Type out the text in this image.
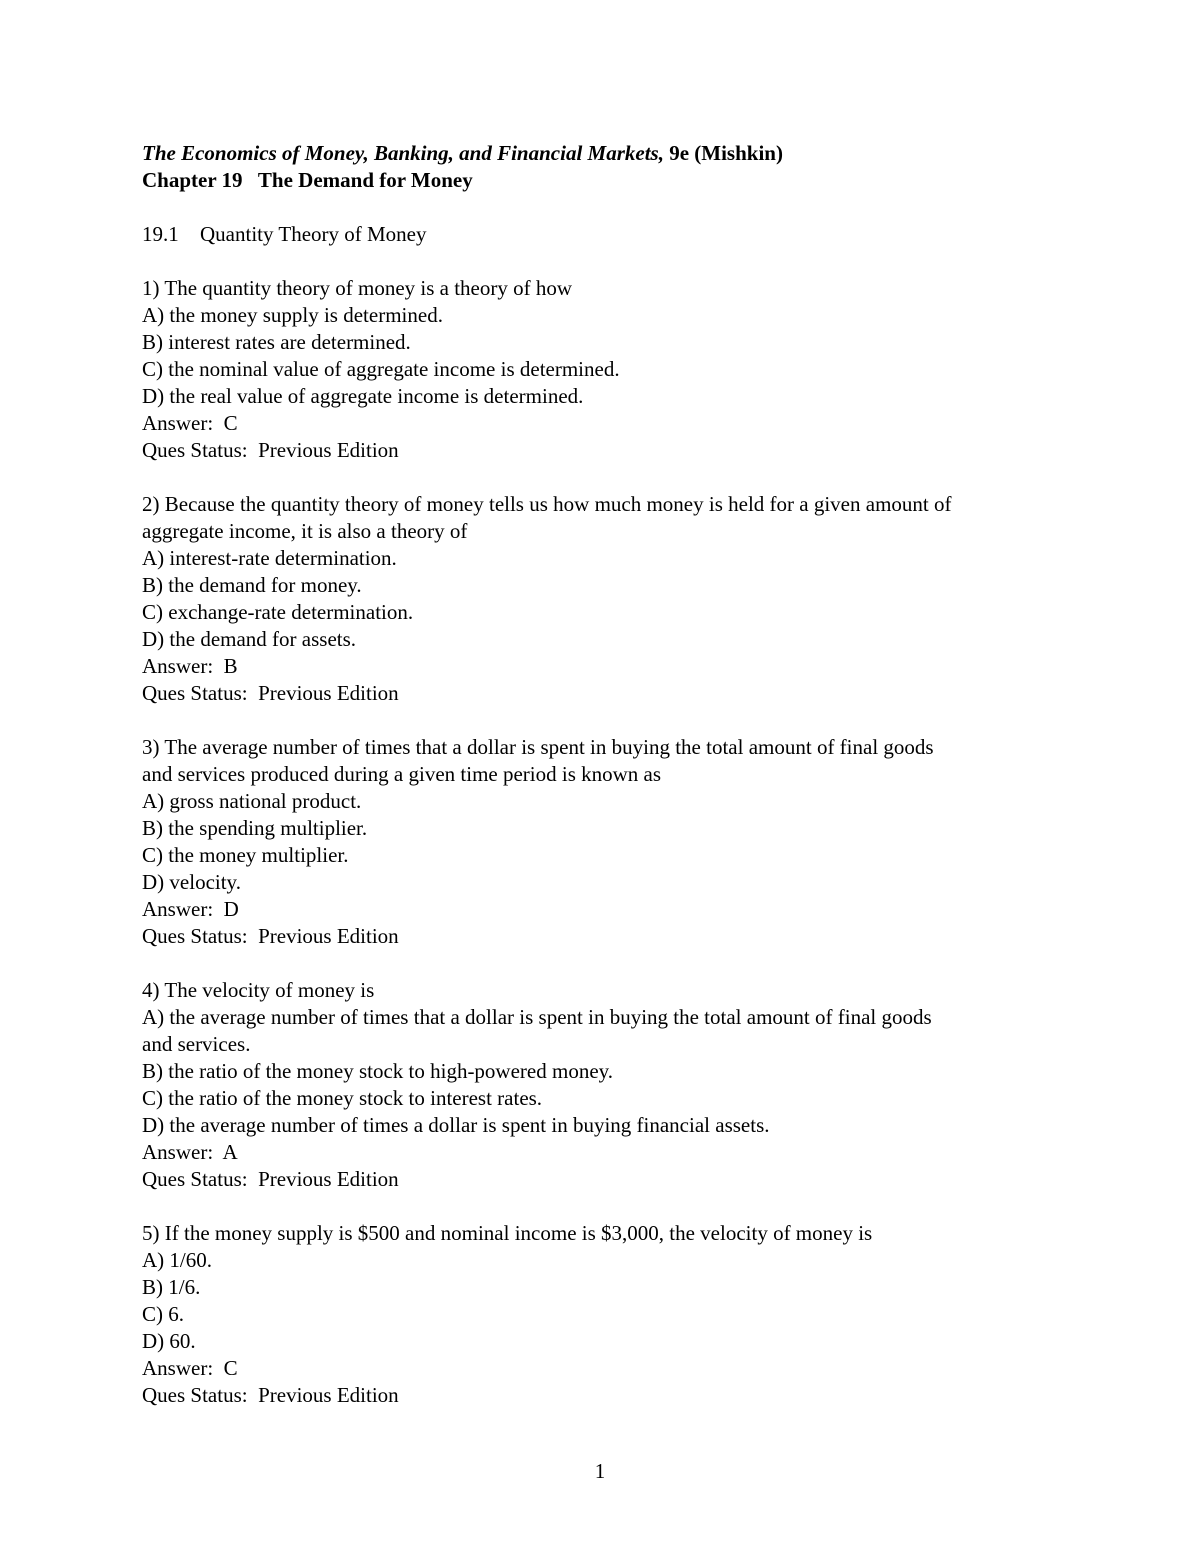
The Economics of Money, Banking, and Financial Markets, 9e (Mishkin)
Chapter 19   The Demand for Money
19.1 Quantity Theory of Money
1) The quantity theory of money is a theory of how
A) the money supply is determined.
B) interest rates are determined.
C) the nominal value of aggregate income is determined.
D) the real value of aggregate income is determined.
Answer:  C
Ques Status:  Previous Edition
2) Because the quantity theory of money tells us how much money is held for a given amount of
aggregate income, it is also a theory of
A) interest-rate determination.
B) the demand for money.
C) exchange-rate determination.
D) the demand for assets.
Answer:  B
Ques Status:  Previous Edition
3) The average number of times that a dollar is spent in buying the total amount of final goods
and services produced during a given time period is known as
A) gross national product.
B) the spending multiplier.
C) the money multiplier.
D) velocity.
Answer:  D
Ques Status:  Previous Edition
4) The velocity of money is
A) the average number of times that a dollar is spent in buying the total amount of final goods
and services.
B) the ratio of the money stock to high-powered money.
C) the ratio of the money stock to interest rates.
D) the average number of times a dollar is spent in buying financial assets.
Answer:  A
Ques Status:  Previous Edition
5) If the money supply is $500 and nominal income is $3,000, the velocity of money is
A) 1/60.
B) 1/6.
C) 6.
D) 60.
Answer:  C
Ques Status:  Previous Edition
1
